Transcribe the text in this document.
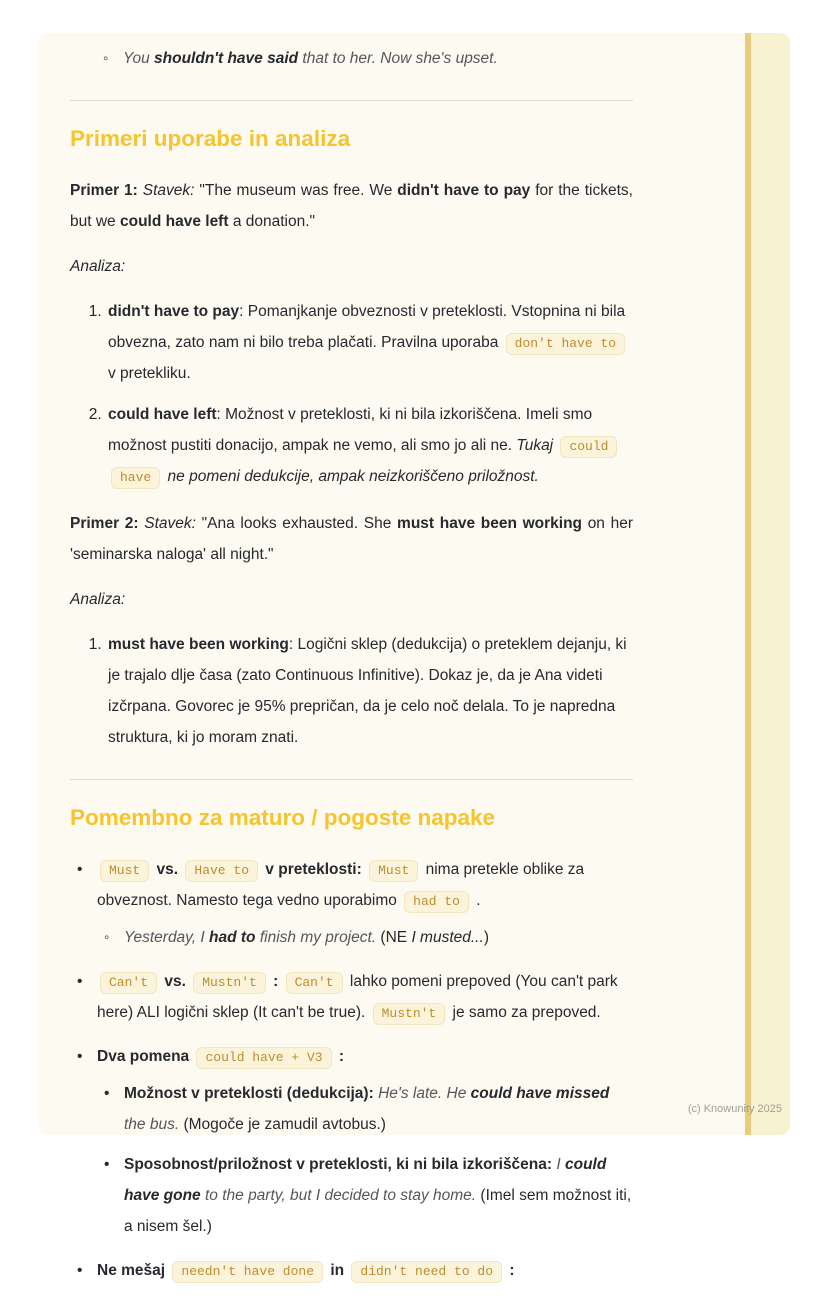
◦ You shouldn't have said that to her. Now she's upset.
Primeri uporabe in analiza

Primer 1: Stavek: "The museum was free. We didn't have to pay for the tickets, but we could have left a donation."

Analiza:

1. didn't have to pay: Pomanjkanje obveznosti v preteklosti. Vstopnina ni bila obvezna, zato nam ni bilo treba plačati. Pravilna uporaba don't have to v pretekliku.
2. could have left: Možnost v preteklosti, ki ni bila izkoriščena. Imeli smo možnost pustiti donacijo, ampak ne vemo, ali smo jo ali ne. Tukaj could have ne pomeni dedukcije, ampak neizkoriščeno priložnost.

Primer 2: Stavek: "Ana looks exhausted. She must have been working on her 'seminarska naloga' all night."

Analiza:

1. must have been working: Logični sklep (dedukcija) o preteklem dejanju, ki je trajalo dlje časa (zato Continuous Infinitive). Dokaz je, da je Ana videti izčrpana. Govorec je 95% prepričan, da je celo noč delala. To je napredna struktura, ki jo moram znati.
Pomembno za maturo / pogoste napake
• Must vs. Have to v preteklosti: Must nima pretekle oblike za obveznost. Namesto tega vedno uporabimo had to .
◦ Yesterday, I had to finish my project. (NE I musted...)
• Can't vs. Mustn't : Can't lahko pomeni prepoved (You can't park here) ALI logični sklep (It can't be true). Mustn't je samo za prepoved.
• Dva pomena could have + V3 :
• Možnost v preteklosti (dedukcija): He's late. He could have missed the bus. (Mogoče je zamudil avtobus.)
• Sposobnost/priložnost v preteklosti, ki ni bila izkoriščena: I could have gone to the party, but I decided to stay home. (Imel sem možnost iti, a nisem šel.)
• Ne mešaj needn't have done in didn't need to do :
(c) Knowunity 2025
